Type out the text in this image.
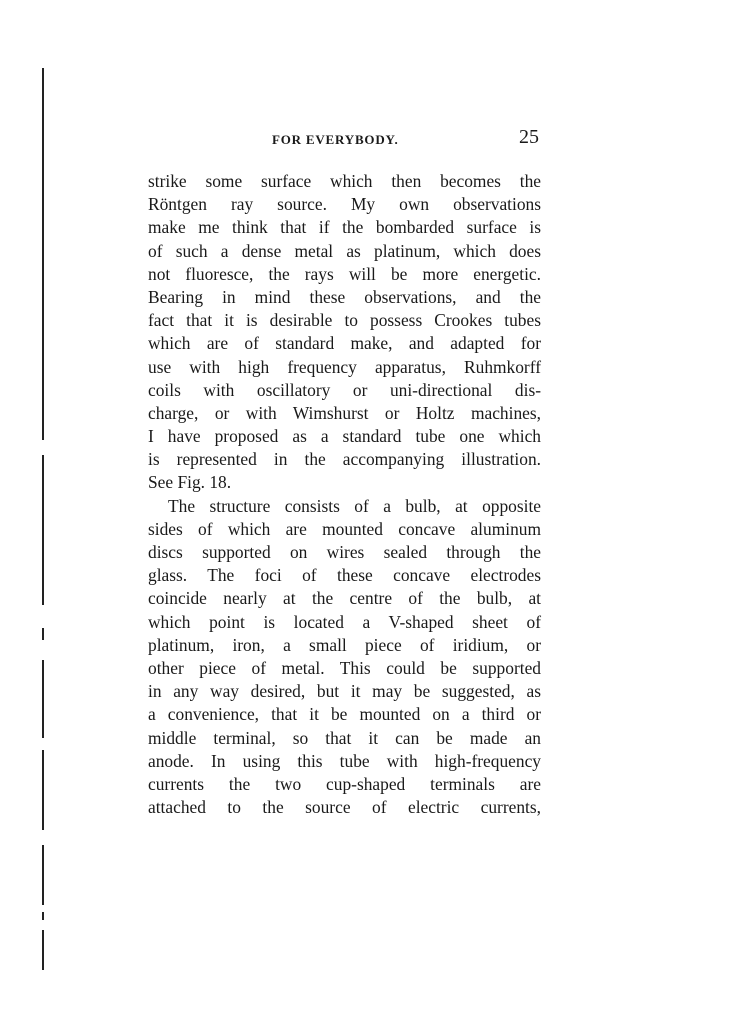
FOR EVERYBODY.	25
strike some surface which then becomes the
Röntgen ray source. My own observations
make me think that if the bombarded surface is
of such a dense metal as platinum, which does
not fluoresce, the rays will be more energetic.
Bearing in mind these observations, and the
fact that it is desirable to possess Crookes tubes
which are of standard make, and adapted for
use with high frequency apparatus, Ruhmkorff
coils with oscillatory or uni-directional dis-
charge, or with Wimshurst or Holtz machines,
I have proposed as a standard tube one which
is represented in the accompanying illustration.
See Fig. 18.
The structure consists of a bulb, at opposite
sides of which are mounted concave aluminum
discs supported on wires sealed through the
glass. The foci of these concave electrodes
coincide nearly at the centre of the bulb, at
which point is located a V-shaped sheet of
platinum, iron, a small piece of iridium, or
other piece of metal. This could be supported
in any way desired, but it may be suggested, as
a convenience, that it be mounted on a third or
middle terminal, so that it can be made an
anode. In using this tube with high-frequency
currents the two cup-shaped terminals are
attached to the source of electric currents,
